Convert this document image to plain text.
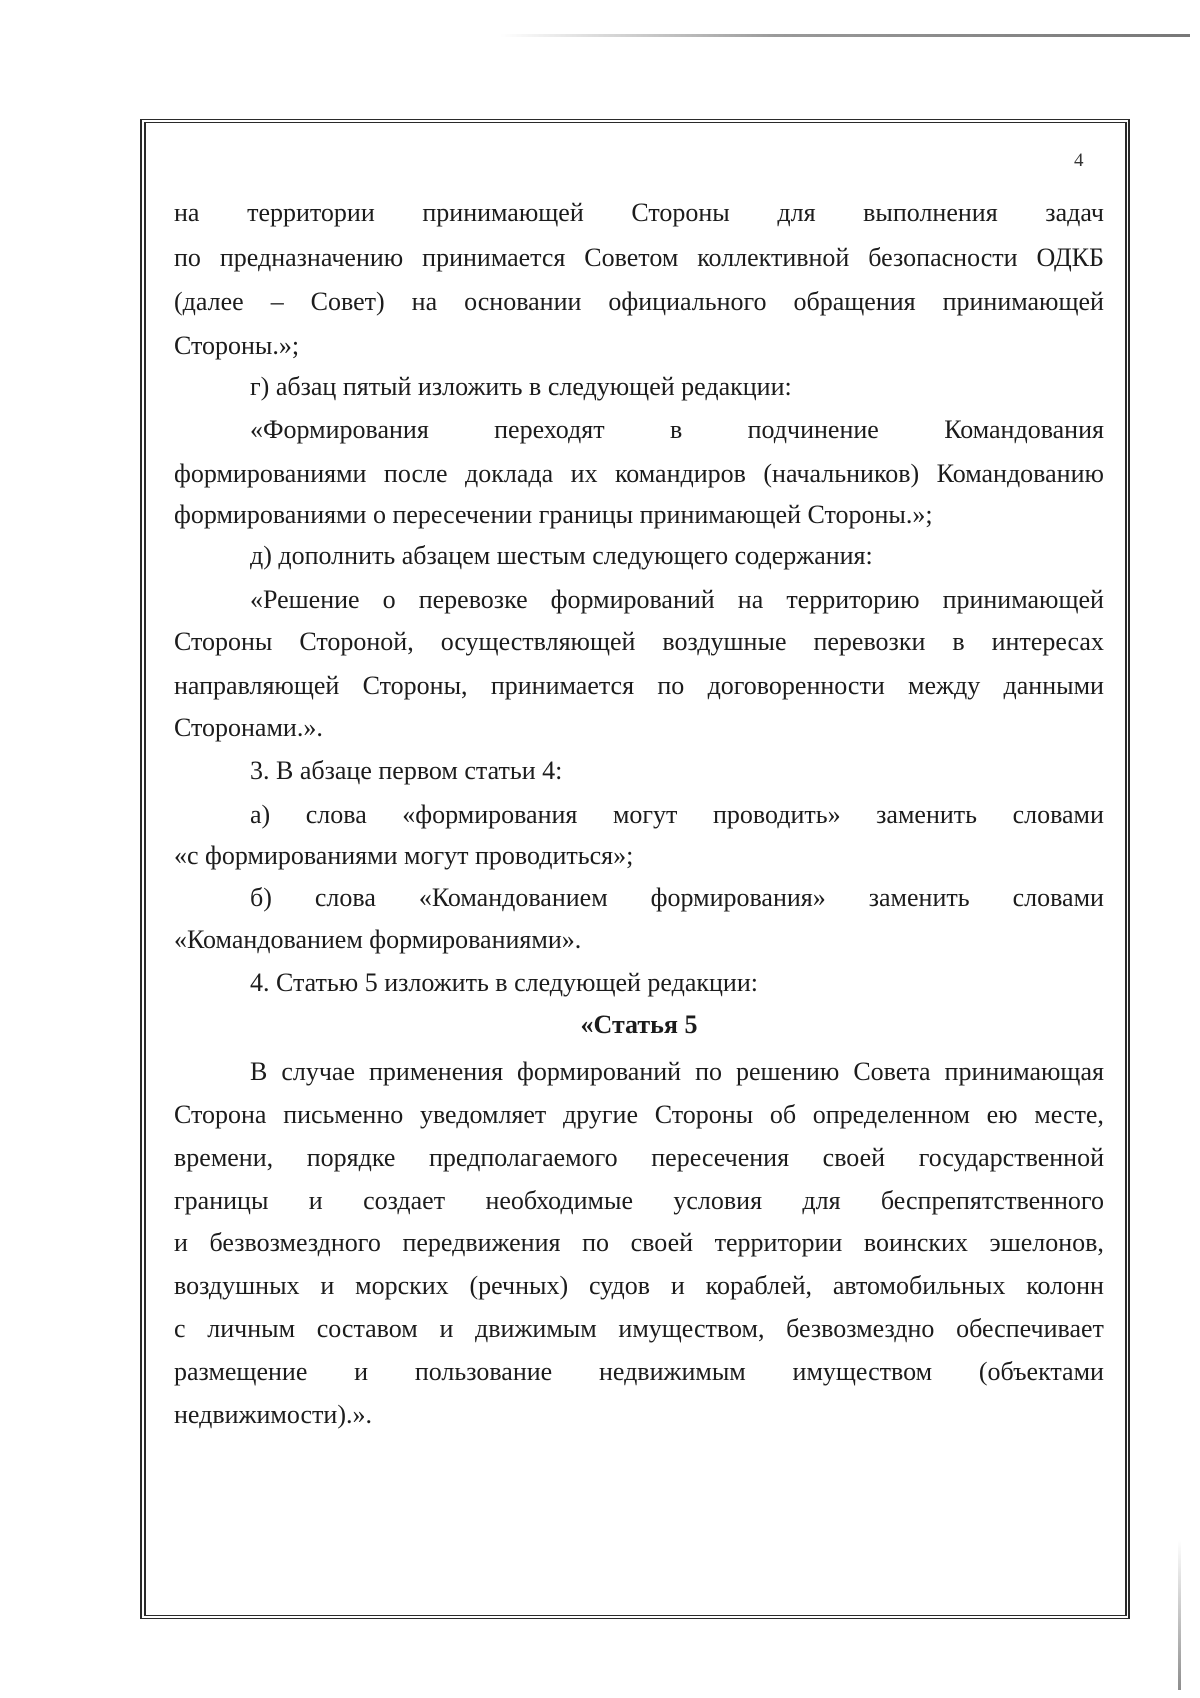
4
на территории принимающей Стороны для выполнения задач
по предназначению принимается Советом коллективной безопасности ОДКБ
(далее – Совет) на основании официального обращения принимающей
Стороны.»;
г) абзац пятый изложить в следующей редакции:
«Формирования	переходят	в	подчинение	Командования
формированиями после доклада их командиров (начальников) Командованию
формированиями о пересечении границы принимающей Стороны.»;
д) дополнить абзацем шестым следующего содержания:
«Решение о перевозке формирований на территорию принимающей
Стороны Стороной, осуществляющей воздушные перевозки в интересах
направляющей Стороны, принимается по договоренности между данными
Сторонами.».
3. В абзаце первом статьи 4:
а) слова «формирования могут проводить» заменить словами
«с формированиями могут проводиться»;
б) слова «Командованием формирования» заменить словами
«Командованием формированиями».
4. Статью 5 изложить в следующей редакции:
«Статья 5
В случае применения формирований по решению Совета принимающая
Сторона письменно уведомляет другие Стороны об определенном ею месте,
времени, порядке предполагаемого пересечения своей государственной
границы и создает необходимые условия для беспрепятственного
и безвозмездного передвижения по своей территории воинских эшелонов,
воздушных и морских (речных) судов и кораблей, автомобильных колонн
с личным составом и движимым имуществом, безвозмездно обеспечивает
размещение и пользование недвижимым имуществом (объектами
недвижимости).».
